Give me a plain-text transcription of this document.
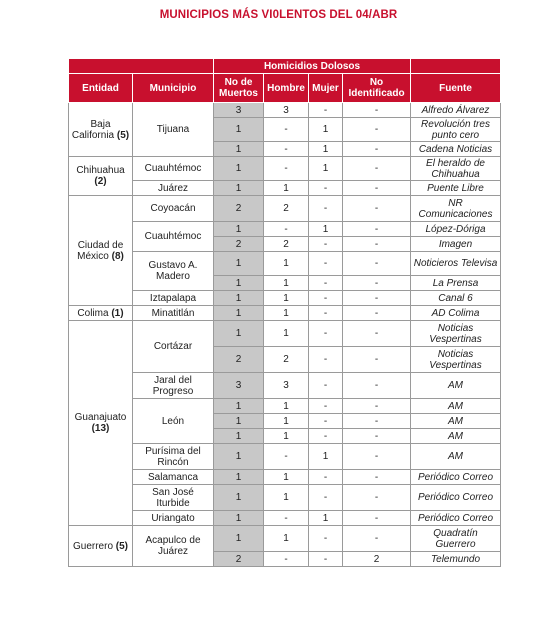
MUNICIPIOS MÁS VI0LENTOS DEL 04/ABR
		Homicidios Dolosos				
Entidad	Municipio	No de Muertos	Hombre	Mujer	No Identificado	Fuente
Baja California (5)	Tijuana	3	3	-	-	Alfredo Álvarez
		1	-	1	-	Revolución tres punto cero
		1	-	1	-	Cadena Noticias
Chihuahua (2)	Cuauhtémoc	1	-	1	-	El heraldo de Chihuahua
	Juárez	1	1	-	-	Puente Libre
Ciudad de México (8)	Coyoacán	2	2	-	-	NR Comunicaciones
	Cuauhtémoc	1	-	1	-	López-Dóriga
		2	2	-	-	Imagen
	Gustavo A. Madero	1	1	-	-	Noticieros Televisa
		1	1	-	-	La Prensa
	Iztapalapa	1	1	-	-	Canal 6
Colima (1)	Minatitlán	1	1	-	-	AD Colima
Guanajuato (13)	Cortázar	1	1	-	-	Noticias Vespertinas
		2	2	-	-	Noticias Vespertinas
	Jaral del Progreso	3	3	-	-	AM
	León	1	1	-	-	AM
		1	1	-	-	AM
		1	1	-	-	AM
	Purísima del Rincón	1	-	1	-	AM
	Salamanca	1	1	-	-	Periódico Correo
	San José Iturbide	1	1	-	-	Periódico Correo
	Uriangato	1	-	1	-	Periódico Correo
Guerrero (5)	Acapulco de Juárez	1	1	-	-	Quadratín Guerrero
		2	-	-	2	Telemundo
